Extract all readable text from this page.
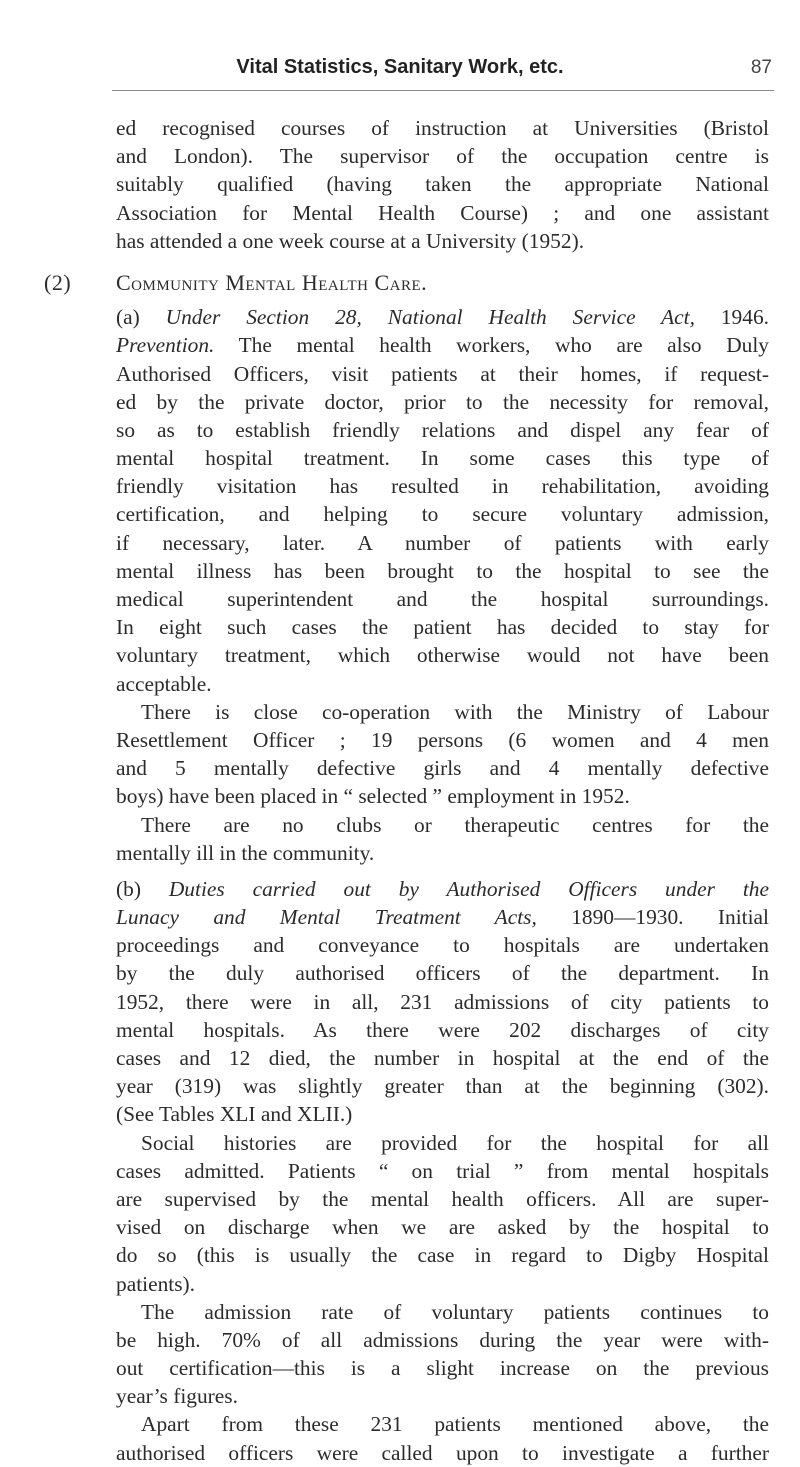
Vital Statistics, Sanitary Work, etc.	87
ed recognised courses of instruction at Universities (Bristol
and London). The supervisor of the occupation centre is
suitably qualified (having taken the appropriate National
Association for Mental Health Course) ; and one assistant
has attended a one week course at a University (1952).
(2) Community Mental Health Care.
(a) Under Section 28, National Health Service Act, 1946.
Prevention. The mental health workers, who are also Duly
Authorised Officers, visit patients at their homes, if request-
ed by the private doctor, prior to the necessity for removal,
so as to establish friendly relations and dispel any fear of
mental hospital treatment. In some cases this type of
friendly visitation has resulted in rehabilitation, avoiding
certification, and helping to secure voluntary admission,
if necessary, later. A number of patients with early
mental illness has been brought to the hospital to see the
medical superintendent and the hospital surroundings.
In eight such cases the patient has decided to stay for
voluntary treatment, which otherwise would not have been
acceptable.
There is close co-operation with the Ministry of Labour
Resettlement Officer ; 19 persons (6 women and 4 men
and 5 mentally defective girls and 4 mentally defective
boys) have been placed in “ selected ” employment in 1952.
There are no clubs or therapeutic centres for the
mentally ill in the community.
(b) Duties carried out by Authorised Officers under the
Lunacy and Mental Treatment Acts, 1890—1930. Initial
proceedings and conveyance to hospitals are undertaken
by the duly authorised officers of the department. In
1952, there were in all, 231 admissions of city patients to
mental hospitals. As there were 202 discharges of city
cases and 12 died, the number in hospital at the end of the
year (319) was slightly greater than at the beginning (302).
(See Tables XLI and XLII.)
Social histories are provided for the hospital for all
cases admitted. Patients “ on trial ” from mental hospitals
are supervised by the mental health officers. All are super-
vised on discharge when we are asked by the hospital to
do so (this is usually the case in regard to Digby Hospital
patients).
The admission rate of voluntary patients continues to
be high. 70% of all admissions during the year were with-
out certification—this is a slight increase on the previous
year’s figures.
Apart from these 231 patients mentioned above, the
authorised officers were called upon to investigate a further
